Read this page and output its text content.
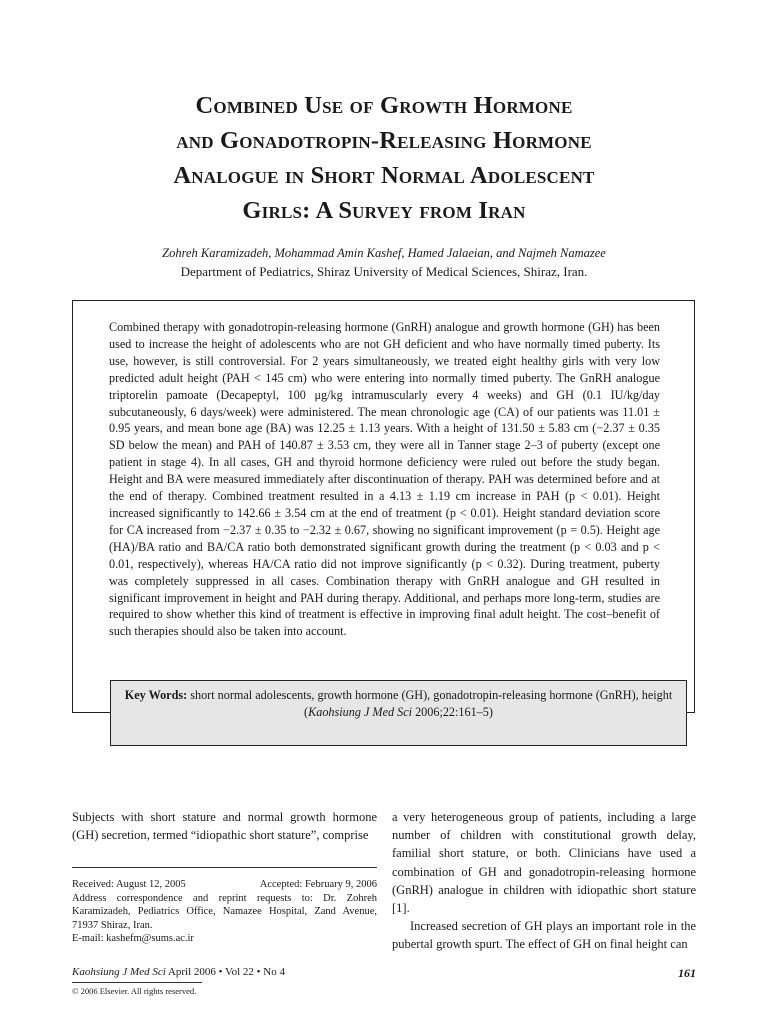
Combined Use of Growth Hormone
and Gonadotropin-Releasing Hormone
Analogue in Short Normal Adolescent
Girls: A Survey from Iran
Zohreh Karamizadeh, Mohammad Amin Kashef, Hamed Jalaeian, and Najmeh Namazee
Department of Pediatrics, Shiraz University of Medical Sciences, Shiraz, Iran.
Combined therapy with gonadotropin-releasing hormone (GnRH) analogue and growth hormone (GH) has been used to increase the height of adolescents who are not GH deficient and who have normally timed puberty. Its use, however, is still controversial. For 2 years simultaneously, we treated eight healthy girls with very low predicted adult height (PAH < 145 cm) who were entering into normally timed puberty. The GnRH analogue triptorelin pamoate (Decapeptyl, 100 μg/kg intramuscularly every 4 weeks) and GH (0.1 IU/kg/day subcutaneously, 6 days/week) were administered. The mean chronologic age (CA) of our patients was 11.01 ± 0.95 years, and mean bone age (BA) was 12.25 ± 1.13 years. With a height of 131.50 ± 5.83 cm (−2.37 ± 0.35 SD below the mean) and PAH of 140.87 ± 3.53 cm, they were all in Tanner stage 2–3 of puberty (except one patient in stage 4). In all cases, GH and thyroid hormone deficiency were ruled out before the study began. Height and BA were measured immediately after discontinuation of therapy. PAH was determined before and at the end of therapy. Combined treatment resulted in a 4.13 ± 1.19 cm increase in PAH (p < 0.01). Height increased significantly to 142.66 ± 3.54 cm at the end of treatment (p < 0.01). Height standard deviation score for CA increased from −2.37 ± 0.35 to −2.32 ± 0.67, showing no significant improvement (p = 0.5). Height age (HA)/BA ratio and BA/CA ratio both demonstrated significant growth during the treatment (p < 0.03 and p < 0.01, respectively), whereas HA/CA ratio did not improve significantly (p < 0.32). During treatment, puberty was completely suppressed in all cases. Combination therapy with GnRH analogue and GH resulted in significant improvement in height and PAH during therapy. Additional, and perhaps more long-term, studies are required to show whether this kind of treatment is effective in improving final adult height. The cost–benefit of such therapies should also be taken into account.
Key Words: short normal adolescents, growth hormone (GH), gonadotropin-releasing hormone (GnRH), height
(Kaohsiung J Med Sci 2006;22:161–5)
Subjects with short stature and normal growth hormone (GH) secretion, termed “idiopathic short stature”, comprise
Received: August 12, 2005	Accepted: February 9, 2006
Address correspondence and reprint requests to: Dr. Zohreh Karamizadeh, Pediatrics Office, Namazee Hospital, Zand Avenue, 71937 Shiraz, Iran.
E-mail: kashefm@sums.ac.ir

a very heterogeneous group of patients, including a large number of children with constitutional growth delay, familial short stature, or both. Clinicians have used a combination of GH and gonadotropin-releasing hormone (GnRH) analogue in children with idiopathic short stature [1].

Increased secretion of GH plays an important role in the pubertal growth spurt. The effect of GH on final height can

Kaohsiung J Med Sci April 2006 • Vol 22 • No 4	161
© 2006 Elsevier. All rights reserved.
